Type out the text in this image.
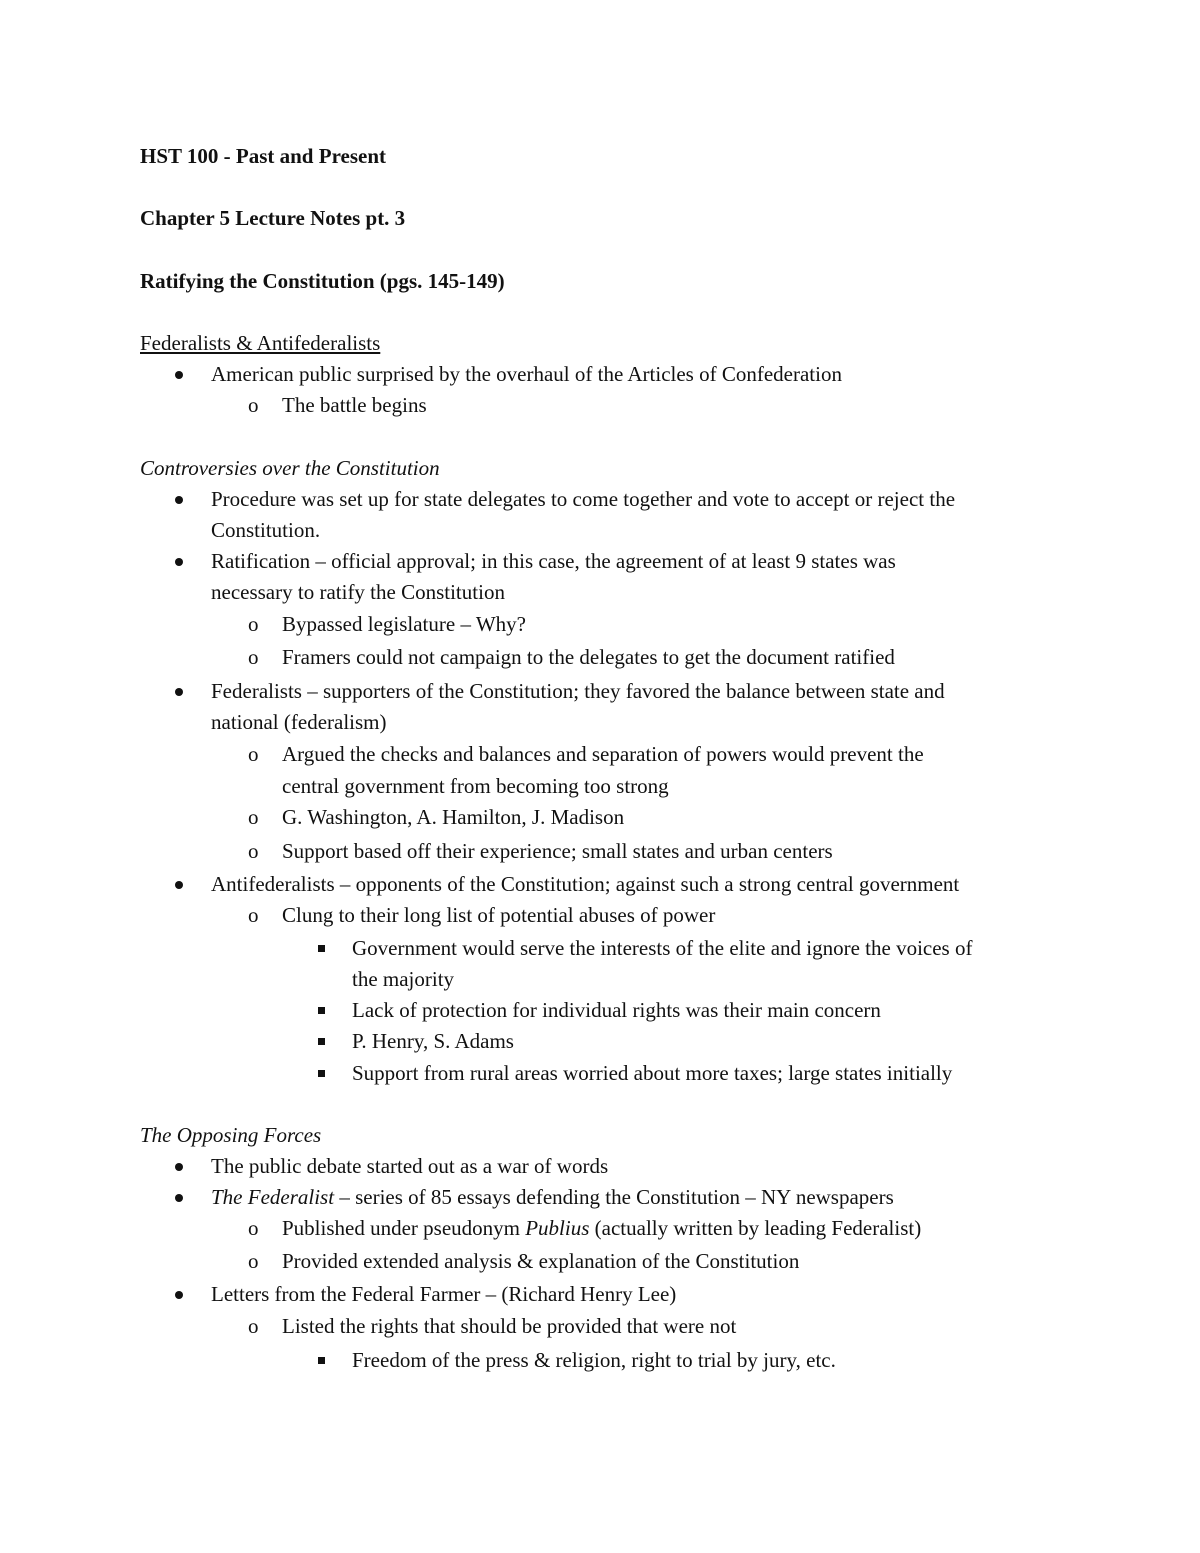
HST 100 - Past and Present
Chapter 5 Lecture Notes pt. 3
Ratifying the Constitution (pgs. 145-149)
Federalists & Antifederalists
American public surprised by the overhaul of the Articles of Confederation
o The battle begins
Controversies over the Constitution
Procedure was set up for state delegates to come together and vote to accept or reject the
Constitution.
Ratification – official approval; in this case, the agreement of at least 9 states was
necessary to ratify the Constitution
o Bypassed legislature – Why?
o Framers could not campaign to the delegates to get the document ratified
Federalists – supporters of the Constitution; they favored the balance between state and
national (federalism)
o Argued the checks and balances and separation of powers would prevent the
central government from becoming too strong
o G. Washington, A. Hamilton, J. Madison
o Support based off their experience; small states and urban centers
Antifederalists – opponents of the Constitution; against such a strong central government
o Clung to their long list of potential abuses of power
Government would serve the interests of the elite and ignore the voices of
the majority
Lack of protection for individual rights was their main concern
P. Henry, S. Adams
Support from rural areas worried about more taxes; large states initially
The Opposing Forces
The public debate started out as a war of words
The Federalist – series of 85 essays defending the Constitution – NY newspapers
o Published under pseudonym Publius (actually written by leading Federalist)
o Provided extended analysis & explanation of the Constitution
Letters from the Federal Farmer – (Richard Henry Lee)
o Listed the rights that should be provided that were not
Freedom of the press & religion, right to trial by jury, etc.
